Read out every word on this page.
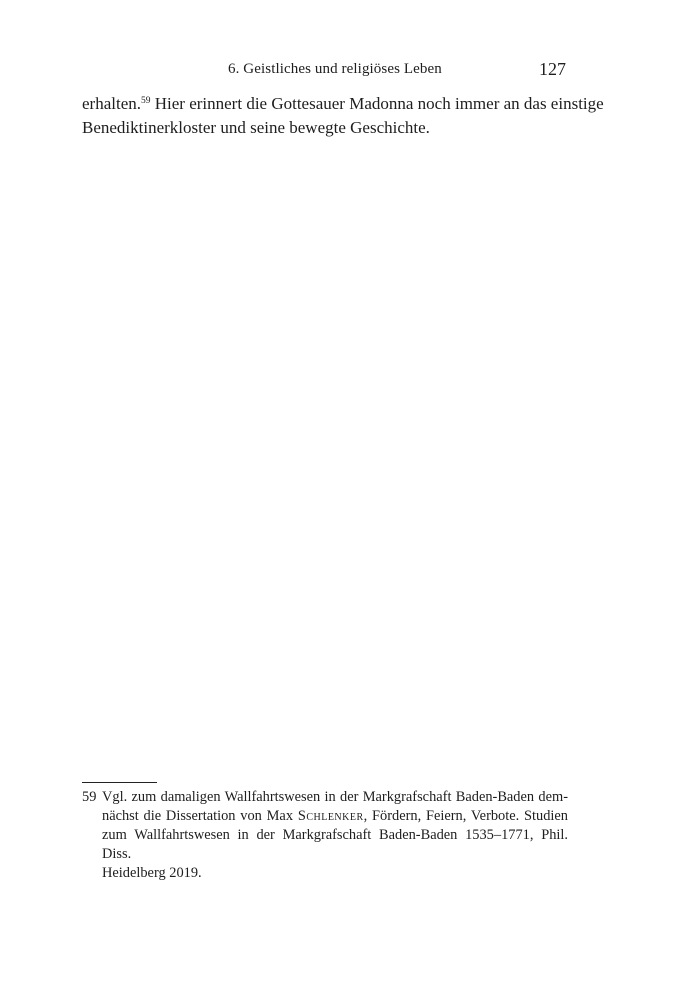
6. Geistliches und religiöses Leben	127
erhalten.$^{59}$ Hier erinnert die Gottesauer Madonna noch immer an das einstige
Benediktinerkloster und seine bewegte Geschichte.
59 Vgl. zum damaligen Wallfahrtswesen in der Markgrafschaft Baden-Baden dem-
nächst die Dissertation von Max Schlenker, Fördern, Feiern, Verbote. Studien
zum Wallfahrtswesen in der Markgrafschaft Baden-Baden 1535–1771, Phil. Diss.
Heidelberg 2019.
